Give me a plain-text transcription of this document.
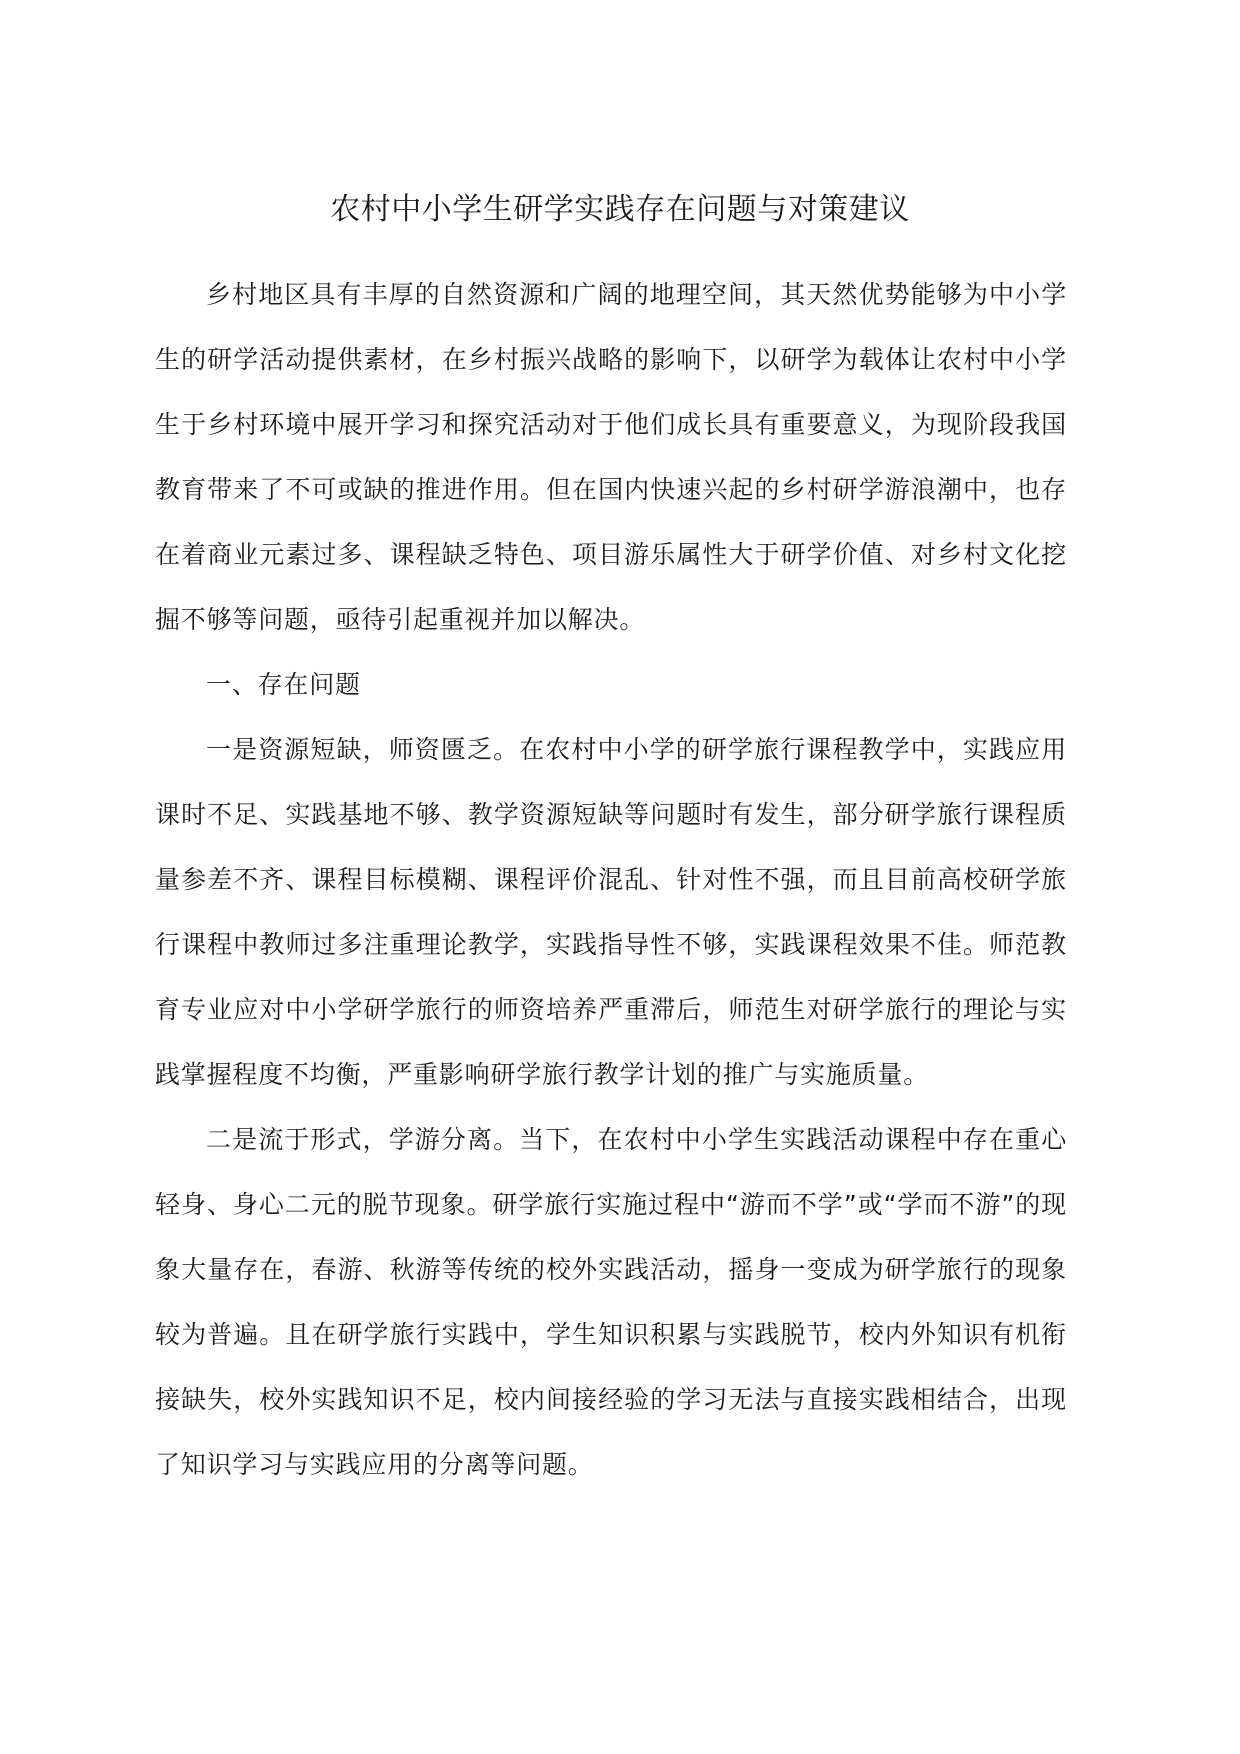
农村中小学生研学实践存在问题与对策建议

乡村地区具有丰厚的自然资源和广阔的地理空间，其天然优势能够为中小学生的研学活动提供素材，在乡村振兴战略的影响下，以研学为载体让农村中小学生于乡村环境中展开学习和探究活动对于他们成长具有重要意义，为现阶段我国教育带来了不可或缺的推进作用。但在国内快速兴起的乡村研学游浪潮中，也存在着商业元素过多、课程缺乏特色、项目游乐属性大于研学价值、对乡村文化挖掘不够等问题，亟待引起重视并加以解决。

一、存在问题

一是资源短缺，师资匮乏。在农村中小学的研学旅行课程教学中，实践应用课时不足、实践基地不够、教学资源短缺等问题时有发生，部分研学旅行课程质量参差不齐、课程目标模糊、课程评价混乱、针对性不强，而且目前高校研学旅行课程中教师过多注重理论教学，实践指导性不够，实践课程效果不佳。师范教育专业应对中小学研学旅行的师资培养严重滞后，师范生对研学旅行的理论与实践掌握程度不均衡，严重影响研学旅行教学计划的推广与实施质量。

二是流于形式，学游分离。当下，在农村中小学生实践活动课程中存在重心轻身、身心二元的脱节现象。研学旅行实施过程中“游而不学”或“学而不游”的现象大量存在，春游、秋游等传统的校外实践活动，摇身一变成为研学旅行的现象较为普遍。且在研学旅行实践中，学生知识积累与实践脱节，校内外知识有机衔接缺失，校外实践知识不足，校内间接经验的学习无法与直接实践相结合，出现了知识学习与实践应用的分离等问题。
